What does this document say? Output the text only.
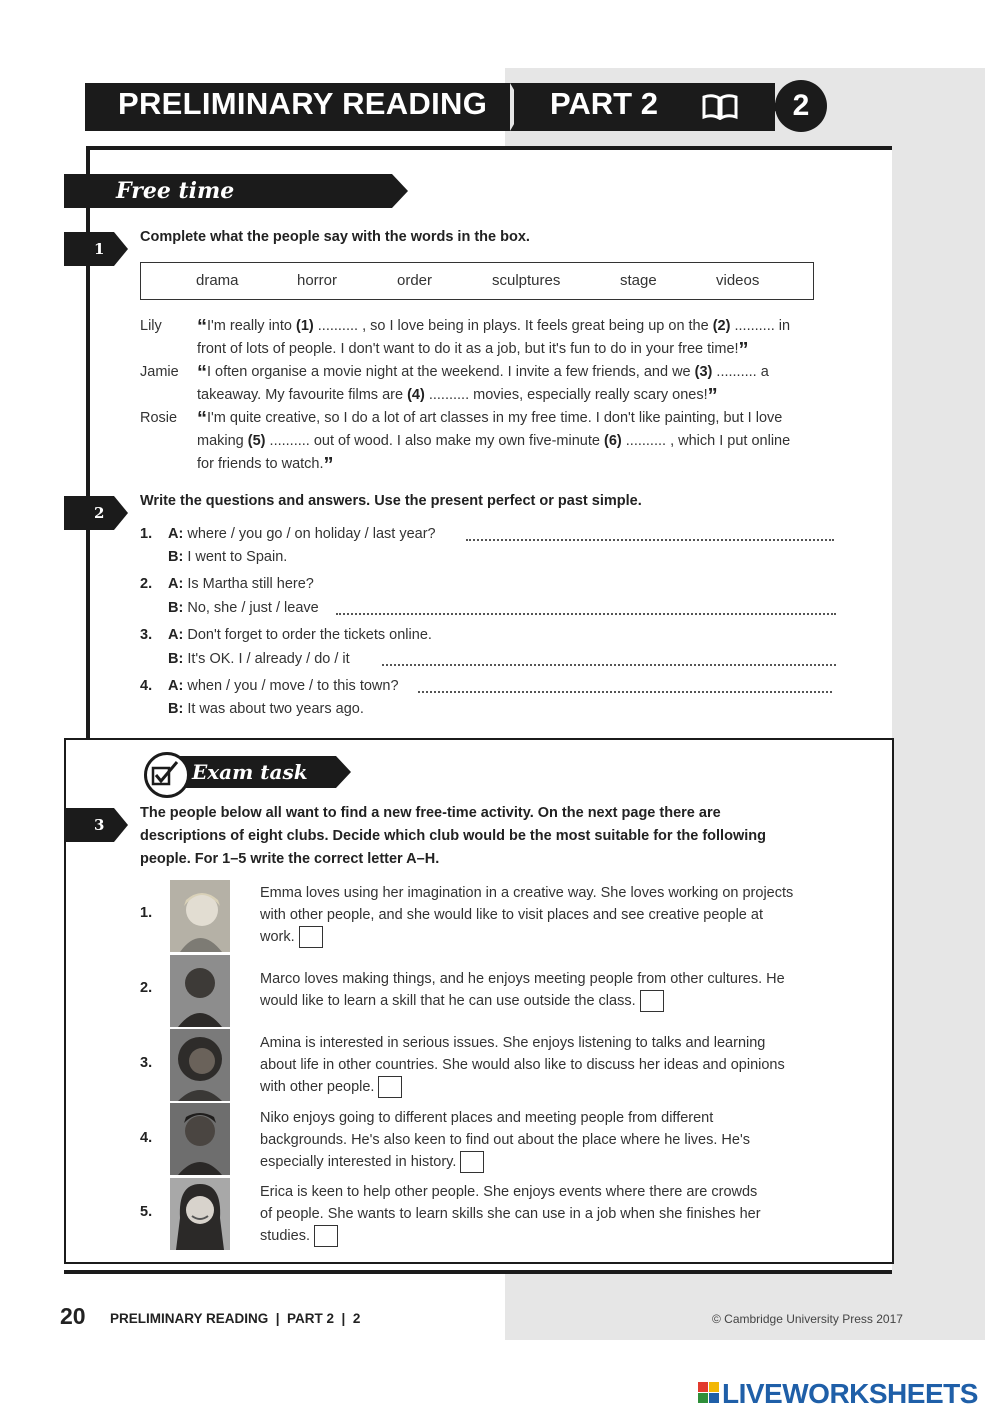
PRELIMINARY READING PART 2	2
Free time
1
Complete what the people say with the words in the box.
drama	horror	order	sculptures	stage	videos
Lily “I'm really into (1) .......... , so I love being in plays. It feels great being up on the (2) .......... in
front of lots of people. I don't want to do it as a job, but it's fun to do in your free time!”
Jamie “I often organise a movie night at the weekend. I invite a few friends, and we (3) .......... a
takeaway. My favourite films are (4) .......... movies, especially really scary ones!”
Rosie “I'm quite creative, so I do a lot of art classes in my free time. I don't like painting, but I love
making (5) .......... out of wood. I also make my own five-minute (6) .......... , which I put online
for friends to watch.”
2
Write the questions and answers. Use the present perfect or past simple.
1. A: where / you go / on holiday / last year?
B: I went to Spain.
2. A: Is Martha still here?
B: No, she / just / leave
3. A: Don't forget to order the tickets online.
B: It's OK. I / already / do / it
4. A: when / you / move / to this town?
B: It was about two years ago.
Exam task
3
The people below all want to find a new free-time activity. On the next page there are
descriptions of eight clubs. Decide which club would be the most suitable for the following
people. For 1–5 write the correct letter A–H.
1.
Emma loves using her imagination in a creative way. She loves working on projects
with other people, and she would like to visit places and see creative people at
work.
2.
Marco loves making things, and he enjoys meeting people from other cultures. He
would like to learn a skill that he can use outside the class.
3.
Amina is interested in serious issues. She enjoys listening to talks and learning
about life in other countries. She would also like to discuss her ideas and opinions
with other people.
4.
Niko enjoys going to different places and meeting people from different
backgrounds. He's also keen to find out about the place where he lives. He's
especially interested in history.
5.
Erica is keen to help other people. She enjoys events where there are crowds
of people. She wants to learn skills she can use in a job when she finishes her
studies.
20 PRELIMINARY READING  |  PART 2  |  2	© Cambridge University Press 2017
LIVEWORKSHEETS
